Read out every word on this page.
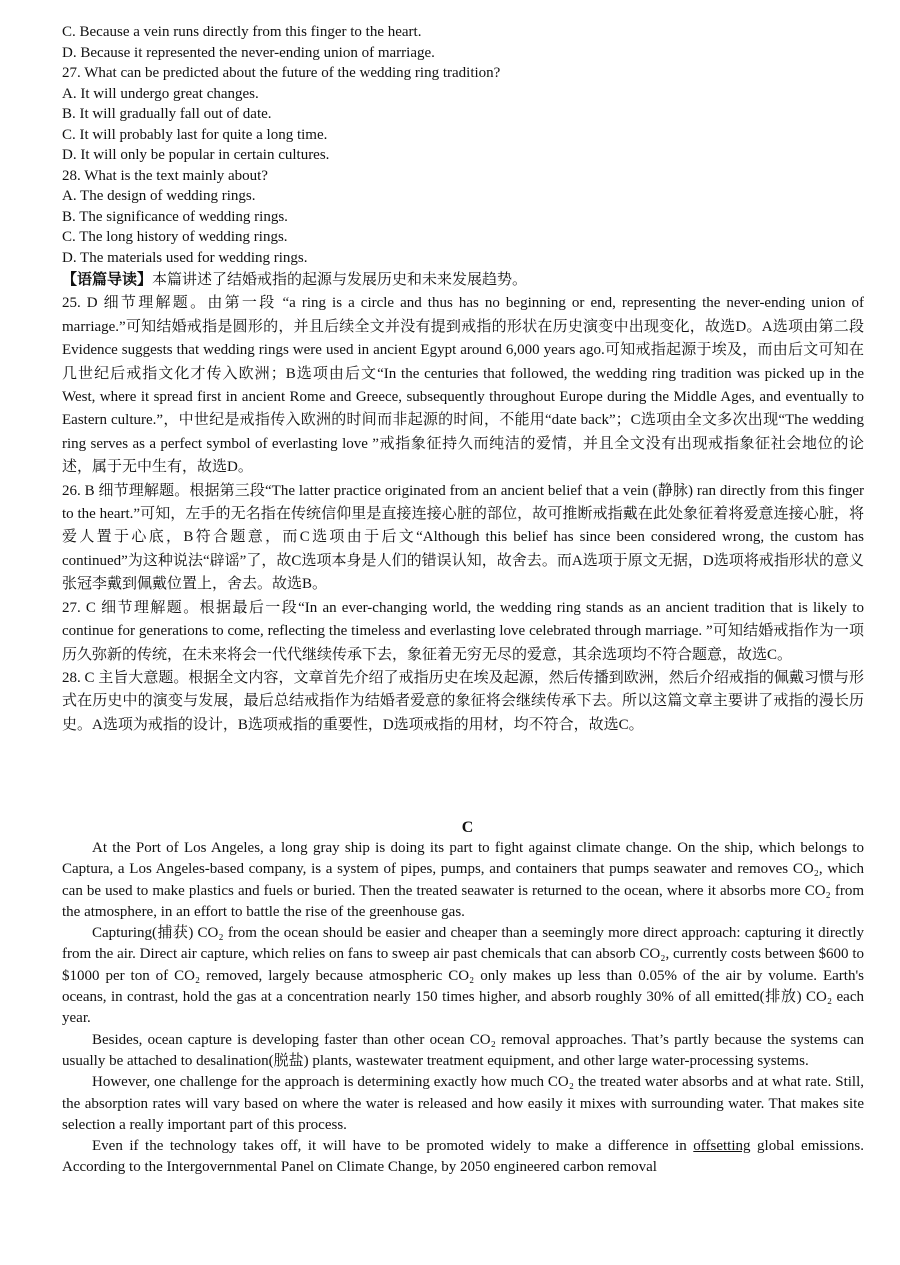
C. Because a vein runs directly from this finger to the heart.
D. Because it represented the never-ending union of marriage.
27. What can be predicted about the future of the wedding ring tradition?
A. It will undergo great changes.
B. It will gradually fall out of date.
C. It will probably last for quite a long time.
D. It will only be popular in certain cultures.
28. What is the text mainly about?
A. The design of wedding rings.
B. The significance of wedding rings.
C. The long history of wedding rings.
D. The materials used for wedding rings.

【语篇导读】本篇讲述了结婚戒指的起源与发展历史和未来发展趋势。

25. D 细节理解题。由第一段 “a ring is a circle and thus has no beginning or end, representing the never-ending union of marriage.”可知结婚戒指是圆形的，并且后续全文并没有提到戒指的形状在历史演变中出现变化，故选D。A选项由第二段 Evidence suggests that wedding rings were used in ancient Egypt around 6,000 years ago.可知戒指起源于埃及，而由后文可知在几世纪后戒指文化才传入欧洲；B选项由后文“In the centuries that followed, the wedding ring tradition was picked up in the West, where it spread first in ancient Rome and Greece, subsequently throughout Europe during the Middle Ages, and eventually to Eastern culture.”，中世纪是戒指传入欧洲的时间而非起源的时间，不能用“date back”；C选项由全文多次出现“The wedding ring serves as a perfect symbol of everlasting love ”戒指象征持久而纯洁的爱情，并且全文没有出现戒指象征社会地位的论述，属于无中生有，故选D。

26. B 细节理解题。根据第三段“The latter practice originated from an ancient belief that a vein (静脉) ran directly from this finger to the heart.”可知，左手的无名指在传统信仰里是直接连接心脏的部位，故可推断戒指戴在此处象征着将爱意连接心脏，将爱人置于心底，B符合题意，而C选项由于后文“Although this belief has since been considered wrong, the custom has continued”为这种说法“辟谣”了，故C选项本身是人们的错误认知，故舍去。而A选项于原文无据，D选项将戒指形状的意义张冠李戴到佩戴位置上，舍去。故选B。

27. C 细节理解题。根据最后一段“In an ever-changing world, the wedding ring stands as an ancient tradition that is likely to continue for generations to come, reflecting the timeless and everlasting love celebrated through marriage. ”可知结婚戒指作为一项历久弥新的传统，在未来将会一代代继续传承下去，象征着无穷无尽的爱意，其余选项均不符合题意，故选C。

28. C 主旨大意题。根据全文内容，文章首先介绍了戒指历史在埃及起源，然后传播到欧洲，然后介绍戒指的佩戴习惯与形式在历史中的演变与发展，最后总结戒指作为结婚者爱意的象征将会继续传承下去。所以这篇文章主要讲了戒指的漫长历史。A选项为戒指的设计，B选项戒指的重要性，D选项戒指的用材，均不符合，故选C。

C

At the Port of Los Angeles, a long gray ship is doing its part to fight against climate change. On the ship, which belongs to Captura, a Los Angeles-based company, is a system of pipes, pumps, and containers that pumps seawater and removes CO₂, which can be used to make plastics and fuels or buried. Then the treated seawater is returned to the ocean, where it absorbs more CO₂ from the atmosphere, in an effort to battle the rise of the greenhouse gas.

Capturing(捕获) CO₂ from the ocean should be easier and cheaper than a seemingly more direct approach: capturing it directly from the air. Direct air capture, which relies on fans to sweep air past chemicals that can absorb CO₂, currently costs between $600 to $1000 per ton of CO₂ removed, largely because atmospheric CO₂ only makes up less than 0.05% of the air by volume. Earth's oceans, in contrast, hold the gas at a concentration nearly 150 times higher, and absorb roughly 30% of all emitted(排放) CO₂ each year.

Besides, ocean capture is developing faster than other ocean CO₂ removal approaches. That’s partly because the systems can usually be attached to desalination(脱盐) plants, wastewater treatment equipment, and other large water-processing systems.

However, one challenge for the approach is determining exactly how much CO₂ the treated water absorbs and at what rate. Still, the absorption rates will vary based on where the water is released and how easily it mixes with surrounding water. That makes site selection a really important part of this process.

Even if the technology takes off, it will have to be promoted widely to make a difference in offsetting global emissions. According to the Intergovernmental Panel on Climate Change, by 2050 engineered carbon removal
